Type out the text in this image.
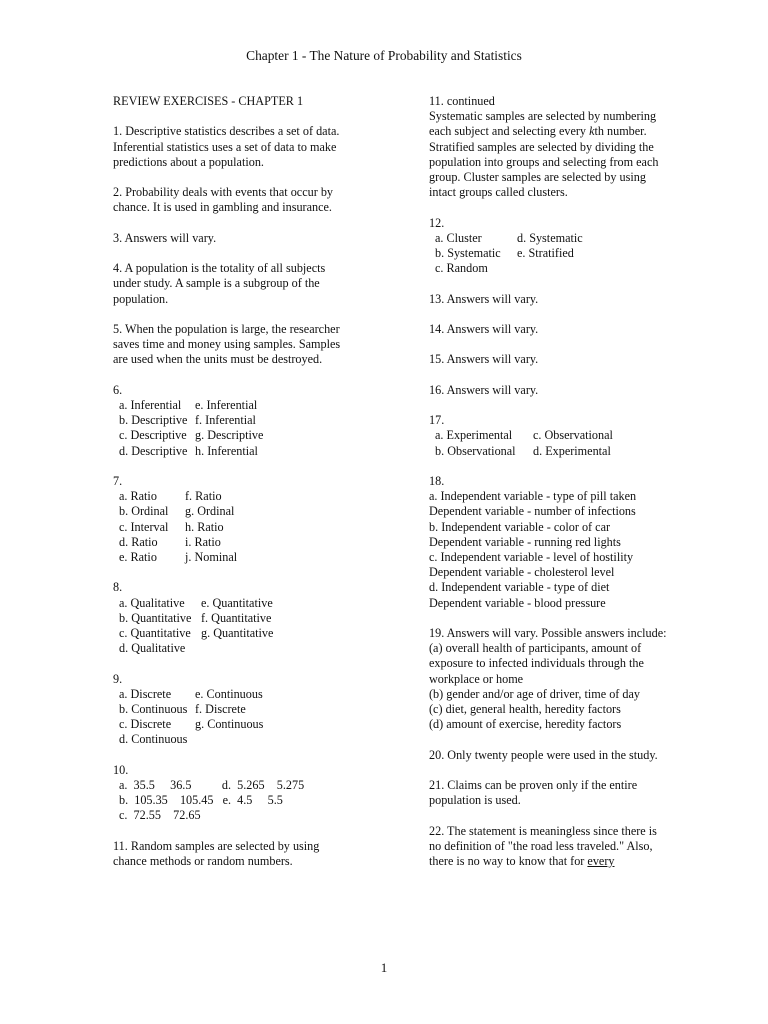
Chapter 1 - The Nature of Probability and Statistics

REVIEW EXERCISES - CHAPTER 1

1. Descriptive statistics describes a set of data. Inferential statistics uses a set of data to make predictions about a population.

2. Probability deals with events that occur by chance. It is used in gambling and insurance.

3. Answers will vary.

4. A population is the totality of all subjects under study. A sample is a subgroup of the population.

5. When the population is large, the researcher saves time and money using samples. Samples are used when the units must be destroyed.

6.
a. Inferential	e. Inferential
b. Descriptive f. Inferential
c. Descriptive g. Descriptive
d. Descriptive h. Inferential
7.
a. Ratio	f. Ratio
b. Ordinal	g. Ordinal
c. Interval	h. Ratio
d. Ratio	i. Ratio
e. Ratio	j. Nominal
8.
a. Qualitative	e. Quantitative
b. Quantitative f. Quantitative
c. Quantitative g. Quantitative
d. Qualitative
9.
a. Discrete	e. Continuous
b. Continuous f. Discrete
c. Discrete	g. Continuous
d. Continuous
10.
a.  35.5     36.5          d.  5.265    5.275
b.  105.35    105.45   e.  4.5     5.5
c.  72.55    72.65

11. Random samples are selected by using chance methods or random numbers.

11. continued
Systematic samples are selected by numbering each subject and selecting every kth number. Stratified samples are selected by dividing the population into groups and selecting from each group. Cluster samples are selected by using intact groups called clusters.
12.
a. Cluster	d. Systematic
b. Systematic	e. Stratified
c. Random

13. Answers will vary.

14. Answers will vary.

15. Answers will vary.

16. Answers will vary.

17.
a. Experimental	c. Observational
b. Observational	d. Experimental
18.
a. Independent variable - type of pill taken
Dependent variable - number of infections
b. Independent variable - color of car
Dependent variable - running red lights
c. Independent variable - level of hostility
Dependent variable - cholesterol level
d. Independent variable - type of diet
Dependent variable - blood pressure
19. Answers will vary. Possible answers include:
(a) overall health of participants, amount of exposure to infected individuals through the workplace or home
(b) gender and/or age of driver, time of day
(c) diet, general health, heredity factors
(d) amount of exercise, heredity factors

20. Only twenty people were used in the study.

21. Claims can be proven only if the entire population is used.

22. The statement is meaningless since there is no definition of "the road less traveled." Also, there is no way to know that for every

1
